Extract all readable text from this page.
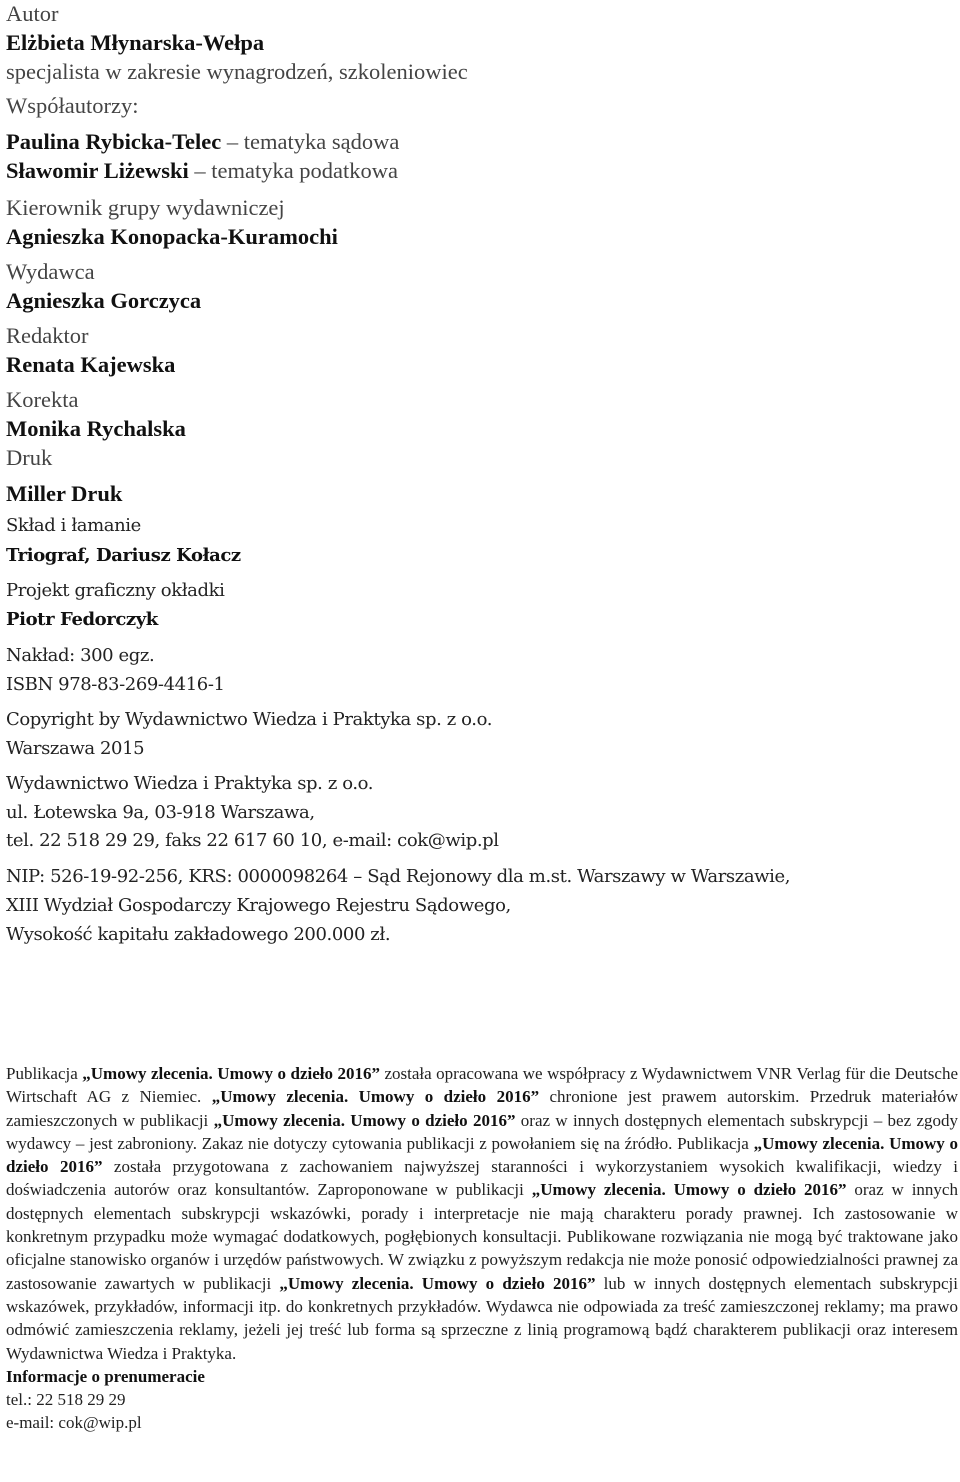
Autor

Elżbieta Młynarska-Wełpa

specjalista w zakresie wynagrodzeń, szkoleniowiec

Współautorzy:

Paulina Rybicka-Telec – tematyka sądowa

Sławomir Liżewski – tematyka podatkowa

Kierownik grupy wydawniczej

Agnieszka Konopacka-Kuramochi

Wydawca

Agnieszka Gorczyca

Redaktor

Renata Kajewska

Korekta

Monika Rychalska

Druk

Miller Druk

Skład i łamanie

Triograf, Dariusz Kołacz

Projekt graficzny okładki

Piotr Fedorczyk

Nakład: 300 egz.

ISBN 978-83-269-4416-1

Copyright by Wydawnictwo Wiedza i Praktyka sp. z o.o.

Warszawa 2015

Wydawnictwo Wiedza i Praktyka sp. z o.o.

ul. Łotewska 9a, 03-918 Warszawa,

tel. 22 518 29 29, faks 22 617 60 10, e-mail: cok@wip.pl

NIP: 526-19-92-256, KRS: 0000098264 – Sąd Rejonowy dla m.st. Warszawy w Warszawie,

XIII Wydział Gospodarczy Krajowego Rejestru Sądowego,

Wysokość kapitału zakładowego 200.000 zł.

Publikacja „Umowy zlecenia. Umowy o dzieło 2016” została opracowana we współpracy z Wydawnictwem VNR Verlag für die Deutsche Wirtschaft AG z Niemiec. „Umowy zlecenia. Umowy o dzieło 2016” chronione jest prawem autorskim. Przedruk materiałów zamieszczonych w publikacji „Umowy zlecenia. Umowy o dzieło 2016” oraz w innych dostępnych elementach subskrypcji – bez zgody wydawcy – jest zabroniony. Zakaz nie dotyczy cytowania publikacji z powołaniem się na źródło. Publikacja „Umowy zlecenia. Umowy o dzieło 2016” została przygotowana z zachowaniem najwyższej staranności i wykorzystaniem wysokich kwalifikacji, wiedzy i doświadczenia autorów oraz konsultantów. Zaproponowane w publikacji „Umowy zlecenia. Umowy o dzieło 2016” oraz w innych dostępnych elementach subskrypcji wskazówki, porady i interpretacje nie mają charakteru porady prawnej. Ich zastosowanie w konkretnym przypadku może wymagać dodatkowych, pogłębionych konsultacji. Publikowane rozwiązania nie mogą być traktowane jako oficjalne stanowisko organów i urzędów państwowych. W związku z powyższym redakcja nie może ponosić odpowiedzialności prawnej za zastosowanie zawartych w publikacji „Umowy zlecenia. Umowy o dzieło 2016” lub w innych dostępnych elementach subskrypcji wskazówek, przykładów, informacji itp. do konkretnych przykładów. Wydawca nie odpowiada za treść zamieszczonej reklamy; ma prawo odmówić zamieszczenia reklamy, jeżeli jej treść lub forma są sprzeczne z linią programową bądź charakterem publikacji oraz interesem Wydawnictwa Wiedza i Praktyka.
Informacje o prenumeracie
tel.: 22 518 29 29
e-mail: cok@wip.pl
